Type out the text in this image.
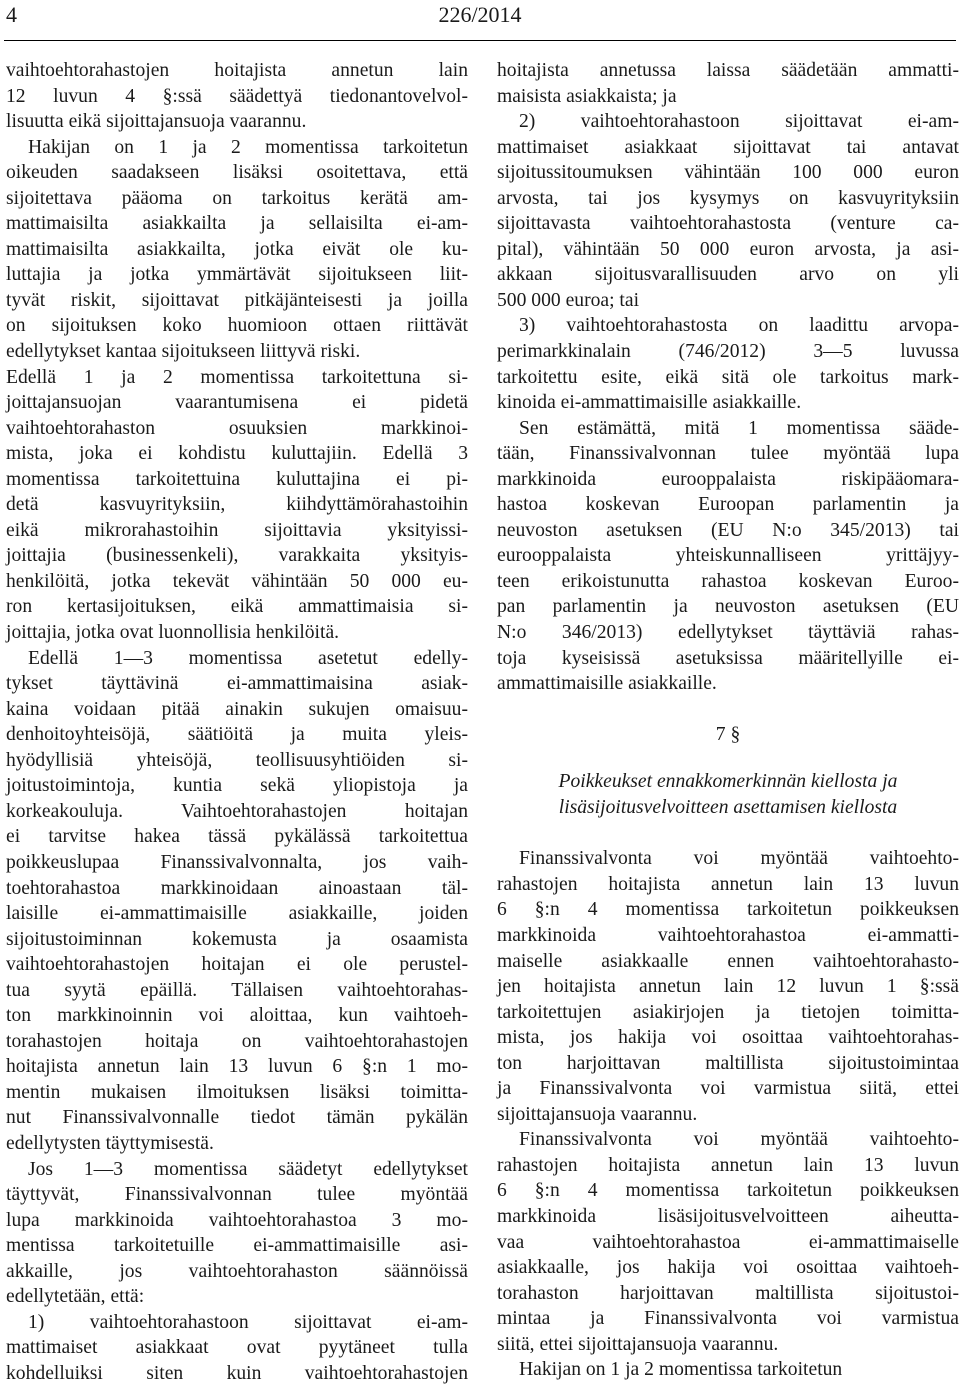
4	226/2014

vaihtoehtorahastojen hoitajista annetun lain

12 luvun 4 §:ssä säädettyä tiedonantovelvol-

lisuutta eikä sijoittajansuoja vaarannu.

Hakijan on 1 ja 2 momentissa tarkoitetun

oikeuden saadakseen lisäksi osoitettava, että

sijoitettava pääoma on tarkoitus kerätä am-

mattimaisilta asiakkailta ja sellaisilta ei-am-

mattimaisilta asiakkailta, jotka eivät ole ku-

luttajia ja jotka ymmärtävät sijoitukseen liit-

tyvät riskit, sijoittavat pitkäjänteisesti ja joilla

on sijoituksen koko huomioon ottaen riittävät

edellytykset kantaa sijoitukseen liittyvä riski.

Edellä 1 ja 2 momentissa tarkoitettuna si-

joittajansuojan vaarantumisena ei pidetä

vaihtoehtorahaston osuuksien markkinoi-

mista, joka ei kohdistu kuluttajiin. Edellä 3

momentissa tarkoitettuina kuluttajina ei pi-

detä kasvuyrityksiin, kiihdyttämörahastoihin

eikä mikrorahastoihin sijoittavia yksityissi-

joittajia (businessenkeli), varakkaita yksityis-

henkilöitä, jotka tekevät vähintään 50 000 eu-

ron kertasijoituksen, eikä ammattimaisia si-

joittajia, jotka ovat luonnollisia henkilöitä.

Edellä 1—3 momentissa asetetut edelly-

tykset täyttävinä ei-ammattimaisina asiak-

kaina voidaan pitää ainakin sukujen omaisuu-

denhoitoyhteisöjä, säätiöitä ja muita yleis-

hyödyllisiä yhteisöjä, teollisuusyhtiöiden si-

joitustoimintoja, kuntia sekä yliopistoja ja

korkeakouluja. Vaihtoehtorahastojen hoitajan

ei tarvitse hakea tässä pykälässä tarkoitettua

poikkeuslupaa Finanssivalvonnalta, jos vaih-

toehtorahastoa markkinoidaan ainoastaan täl-

laisille ei-ammattimaisille asiakkaille, joiden

sijoitustoiminnan kokemusta ja osaamista

vaihtoehtorahastojen hoitajan ei ole perustel-

tua syytä epäillä. Tällaisen vaihtoehtorahas-

ton markkinoinnin voi aloittaa, kun vaihtoeh-

torahastojen hoitaja on vaihtoehtorahastojen

hoitajista annetun lain 13 luvun 6 §:n 1 mo-

mentin mukaisen ilmoituksen lisäksi toimitta-

nut Finanssivalvonnalle tiedot tämän pykälän

edellytysten täyttymisestä.

Jos 1—3 momentissa säädetyt edellytykset

täyttyvät, Finanssivalvonnan tulee myöntää

lupa markkinoida vaihtoehtorahastoa 3 mo-

mentissa tarkoitetuille ei-ammattimaisille asi-

akkaille, jos vaihtoehtorahaston säännöissä

edellytetään, että:

1) vaihtoehtorahastoon sijoittavat ei-am-

mattimaiset asiakkaat ovat pyytäneet tulla

kohdelluiksi siten kuin vaihtoehtorahastojen

hoitajista annetussa laissa säädetään ammatti-

maisista asiakkaista; ja

2) vaihtoehtorahastoon sijoittavat ei-am-

mattimaiset asiakkaat sijoittavat tai antavat

sijoitussitoumuksen vähintään 100 000 euron

arvosta, tai jos kysymys on kasvuyrityksiin

sijoittavasta vaihtoehtorahastosta (venture ca-

pital), vähintään 50 000 euron arvosta, ja asi-

akkaan sijoitusvarallisuuden arvo on yli

500 000 euroa; tai

3) vaihtoehtorahastosta on laadittu arvopa-

perimarkkinalain (746/2012) 3—5 luvussa

tarkoitettu esite, eikä sitä ole tarkoitus mark-

kinoida ei-ammattimaisille asiakkaille.

Sen estämättä, mitä 1 momentissa sääde-

tään, Finanssivalvonnan tulee myöntää lupa

markkinoida eurooppalaista riskipääomara-

hastoa koskevan Euroopan parlamentin ja

neuvoston asetuksen (EU N:o 345/2013) tai

eurooppalaista yhteiskunnalliseen yrittäjyy-

teen erikoistunutta rahastoa koskevan Euroo-

pan parlamentin ja neuvoston asetuksen (EU

N:o 346/2013) edellytykset täyttäviä rahas-

toja kyseisissä asetuksissa määritellyille ei-

ammattimaisille asiakkaille.

7 §

Poikkeukset ennakkomerkinnän kiellosta ja
lisäsijoitusvelvoitteen asettamisen kiellosta

Finanssivalvonta voi myöntää vaihtoehto-

rahastojen hoitajista annetun lain 13 luvun

6 §:n 4 momentissa tarkoitetun poikkeuksen

markkinoida vaihtoehtorahastoa ei-ammatti-

maiselle asiakkaalle ennen vaihtoehtorahasto-

jen hoitajista annetun lain 12 luvun 1 §:ssä

tarkoitettujen asiakirjojen ja tietojen toimitta-

mista, jos hakija voi osoittaa vaihtoehtorahas-

ton harjoittavan maltillista sijoitustoimintaa

ja Finanssivalvonta voi varmistua siitä, ettei

sijoittajansuoja vaarannu.

Finanssivalvonta voi myöntää vaihtoehto-

rahastojen hoitajista annetun lain 13 luvun

6 §:n 4 momentissa tarkoitetun poikkeuksen

markkinoida lisäsijoitusvelvoitteen aiheutta-

vaa vaihtoehtorahastoa ei-ammattimaiselle

asiakkaalle, jos hakija voi osoittaa vaihtoeh-

torahaston harjoittavan maltillista sijoitustoi-

mintaa ja Finanssivalvonta voi varmistua

siitä, ettei sijoittajansuoja vaarannu.

Hakijan on 1 ja 2 momentissa tarkoitetun
